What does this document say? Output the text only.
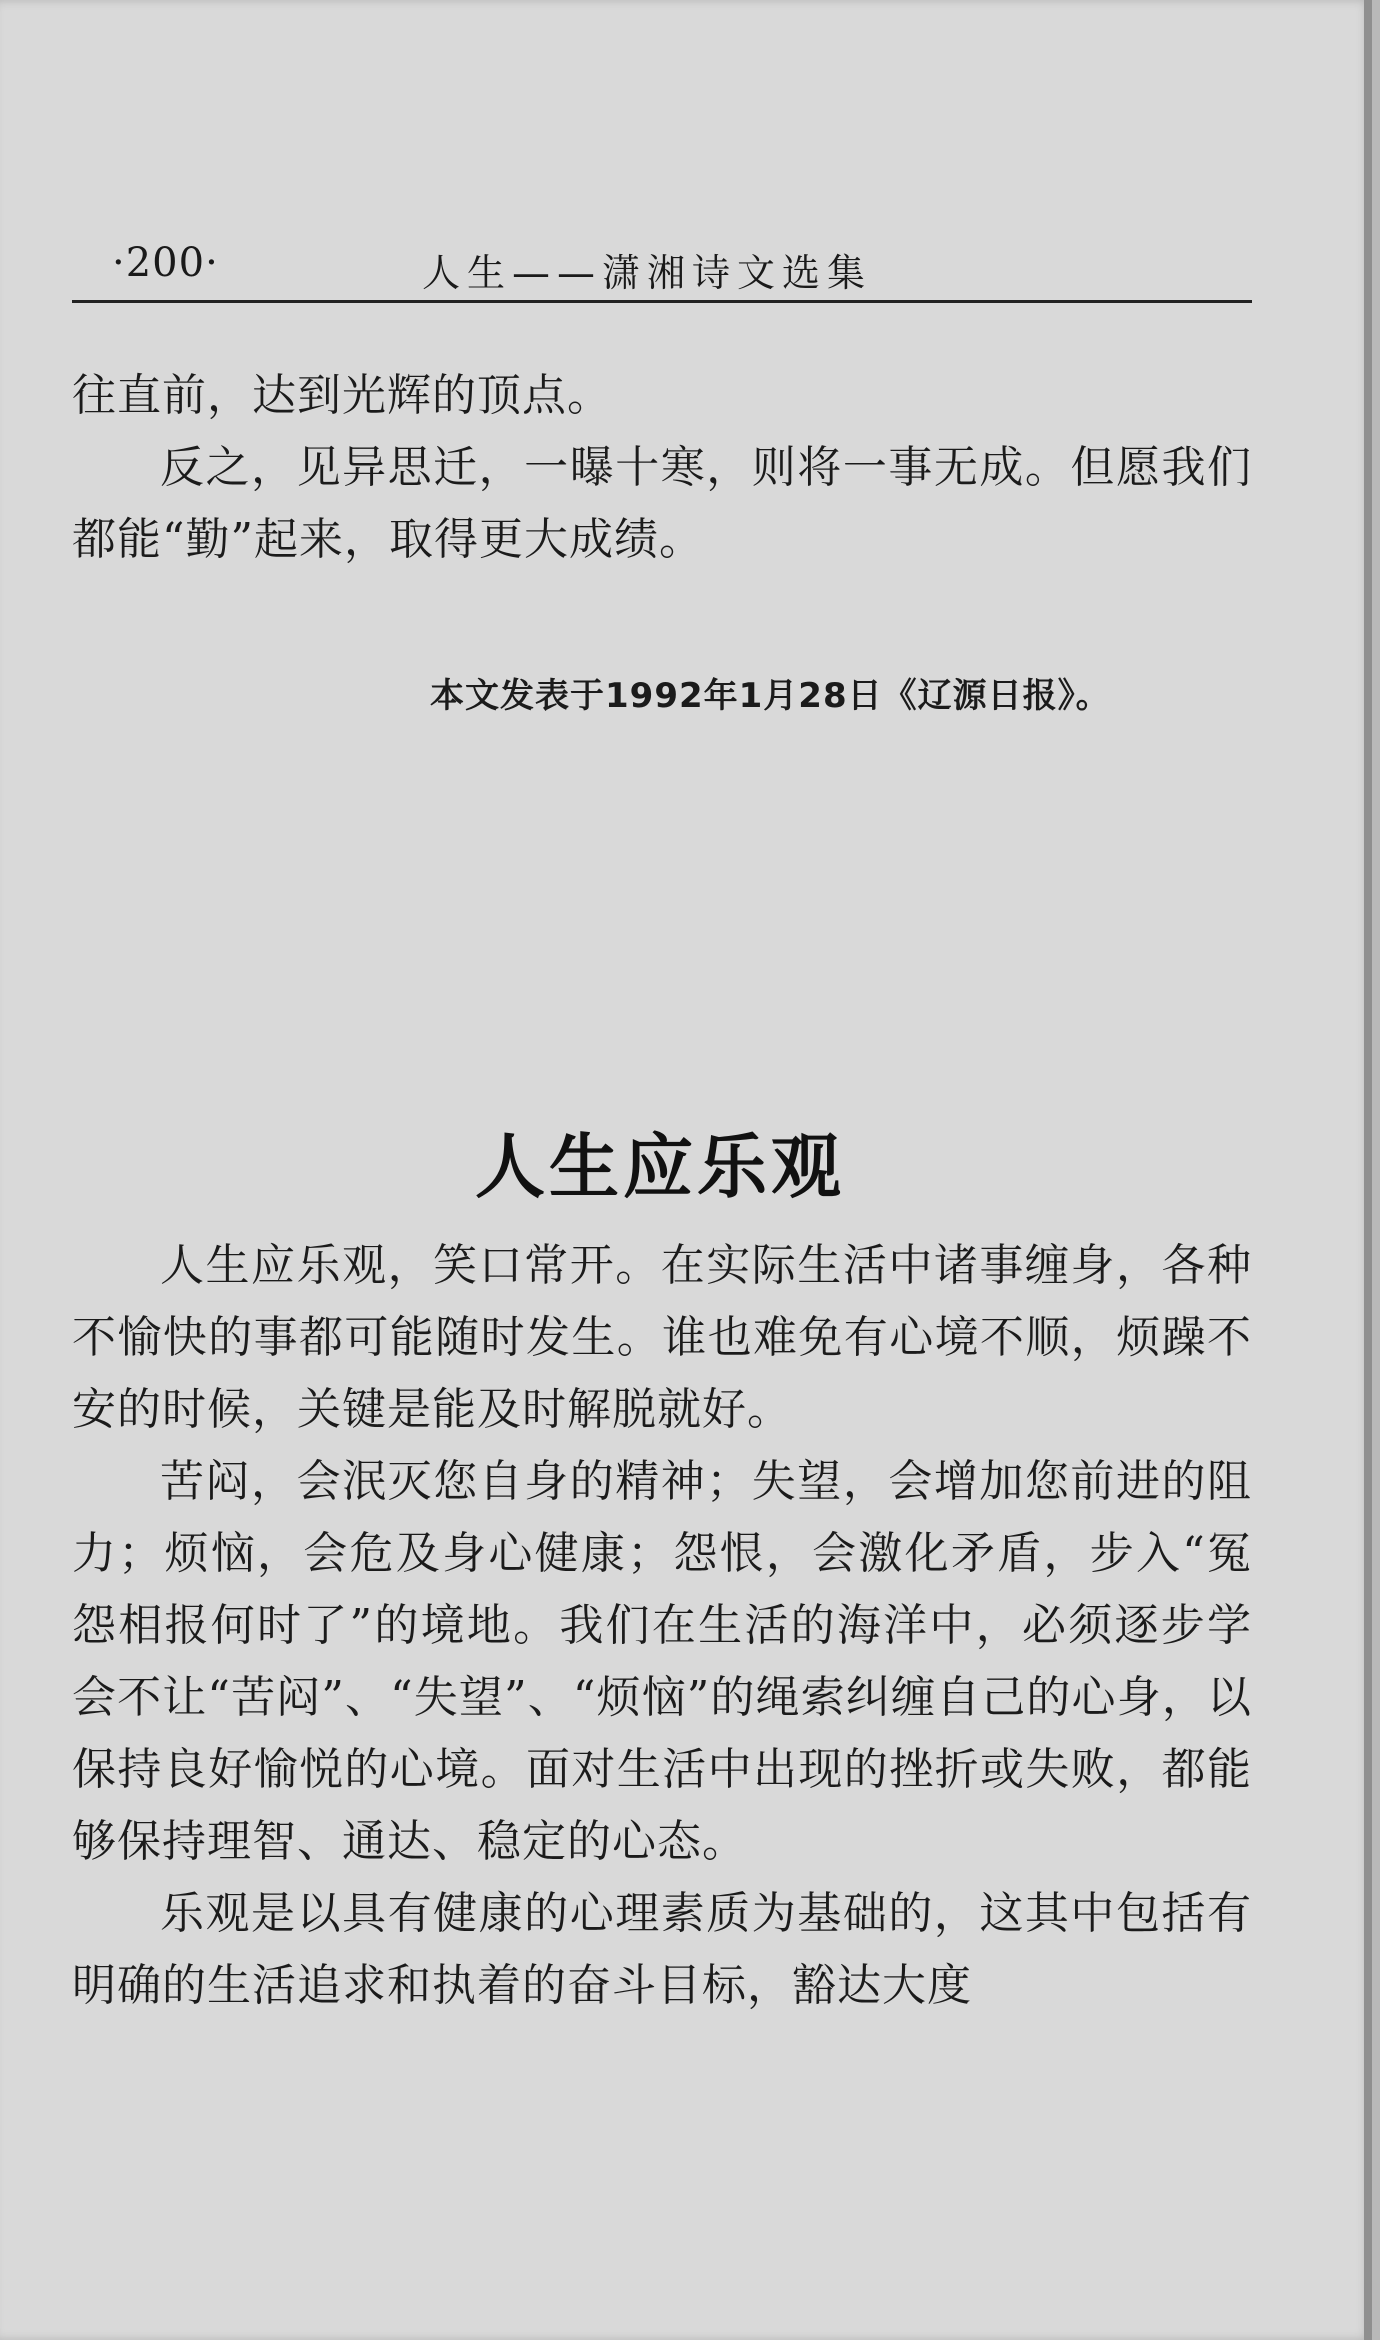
·200·	人生——潇湘诗文选集

往直前，达到光辉的顶点。

反之，见异思迁，一曝十寒，则将一事无成。但愿我们都能“勤”起来，取得更大成绩。

本文发表于1992年1月28日《辽源日报》。
人生应乐观

人生应乐观，笑口常开。在实际生活中诸事缠身，各种不愉快的事都可能随时发生。谁也难免有心境不顺，烦躁不安的时候，关键是能及时解脱就好。

苦闷，会泯灭您自身的精神；失望，会增加您前进的阻力；烦恼，会危及身心健康；怨恨，会激化矛盾，步入“冤怨相报何时了”的境地。我们在生活的海洋中，必须逐步学会不让“苦闷”、“失望”、“烦恼”的绳索纠缠自己的心身，以保持良好愉悦的心境。面对生活中出现的挫折或失败，都能够保持理智、通达、稳定的心态。

乐观是以具有健康的心理素质为基础的，这其中包括有明确的生活追求和执着的奋斗目标，豁达大度
